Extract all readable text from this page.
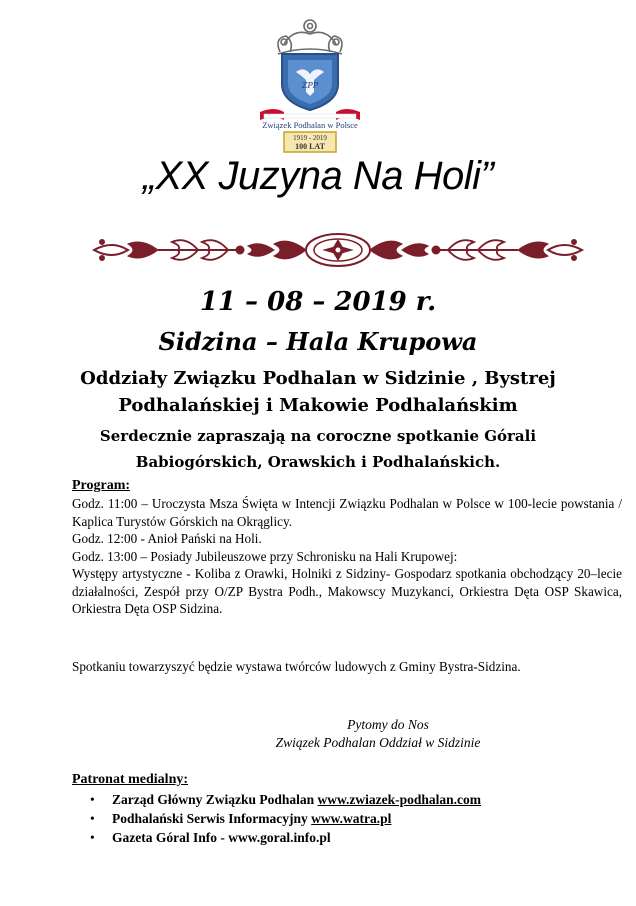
ZPP
Związek Podhalan w Polsce
1919 - 2019
100 LAT
„XX Juzyna Na Holi”
11 – 08 – 2019 r.
Sidzina – Hala Krupowa
Oddziały Związku Podhalan w Sidzinie , Bystrej
Podhalańskiej i Makowie Podhalańskim
Serdecznie zapraszają na coroczne spotkanie Górali
Babiogórskich, Orawskich i Podhalańskich.
Program:
Godz. 11:00 – Uroczysta Msza Święta w Intencji Związku Podhalan w Polsce w 100-lecie powstania / Kaplica Turystów Górskich na Okrąglicy.
Godz. 12:00 - Anioł Pański na Holi.
Godz. 13:00 – Posiady Jubileuszowe przy Schronisku na Hali Krupowej:
Występy artystyczne - Koliba z Orawki, Holniki z Sidziny- Gospodarz spotkania obchodzący 20–lecie działalności, Zespół przy O/ZP Bystra Podh., Makowscy Muzykanci, Orkiestra Dęta OSP Skawica, Orkiestra Dęta OSP Sidzina.
Spotkaniu towarzyszyć będzie wystawa twórców ludowych z Gminy Bystra-Sidzina.
Pytomy do Nos
Związek Podhalan Oddział w Sidzinie
Patronat medialny:
• Zarząd Główny Związku Podhalan www.zwiazek-podhalan.com
• Podhalański Serwis Informacyjny www.watra.pl
• Gazeta Góral Info - www.goral.info.pl
